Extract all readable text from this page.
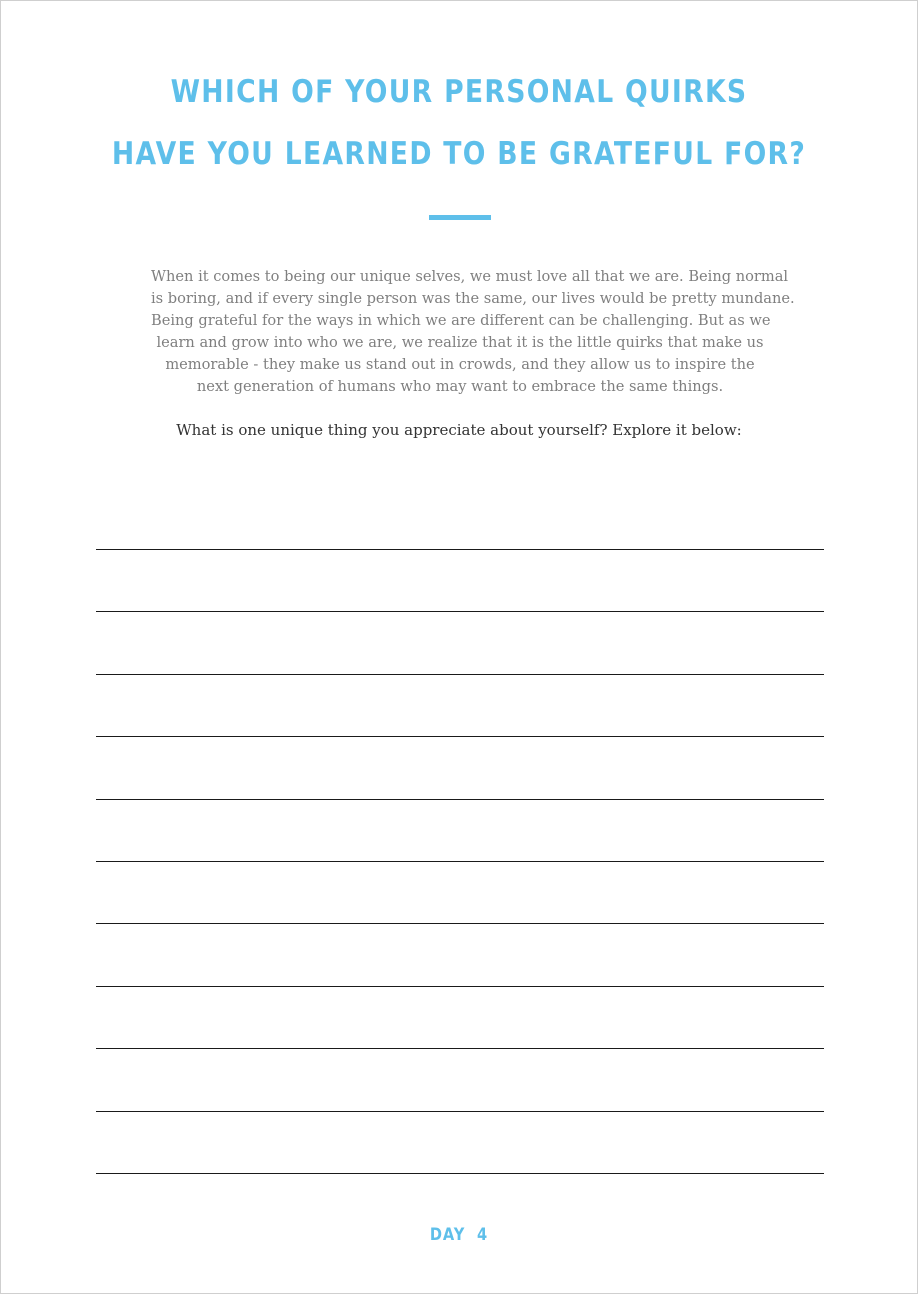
WHICH OF YOUR PERSONAL QUIRKS
HAVE YOU LEARNED TO BE GRATEFUL FOR?
When it comes to being our unique selves, we must love all that we are. Being normal
is boring, and if every single person was the same, our lives would be pretty mundane.
Being grateful for the ways in which we are different can be challenging. But as we
learn and grow into who we are, we realize that it is the little quirks that make us
memorable - they make us stand out in crowds, and they allow us to inspire the
next generation of humans who may want to embrace the same things.
What is one unique thing you appreciate about yourself? Explore it below:
DAY  4
